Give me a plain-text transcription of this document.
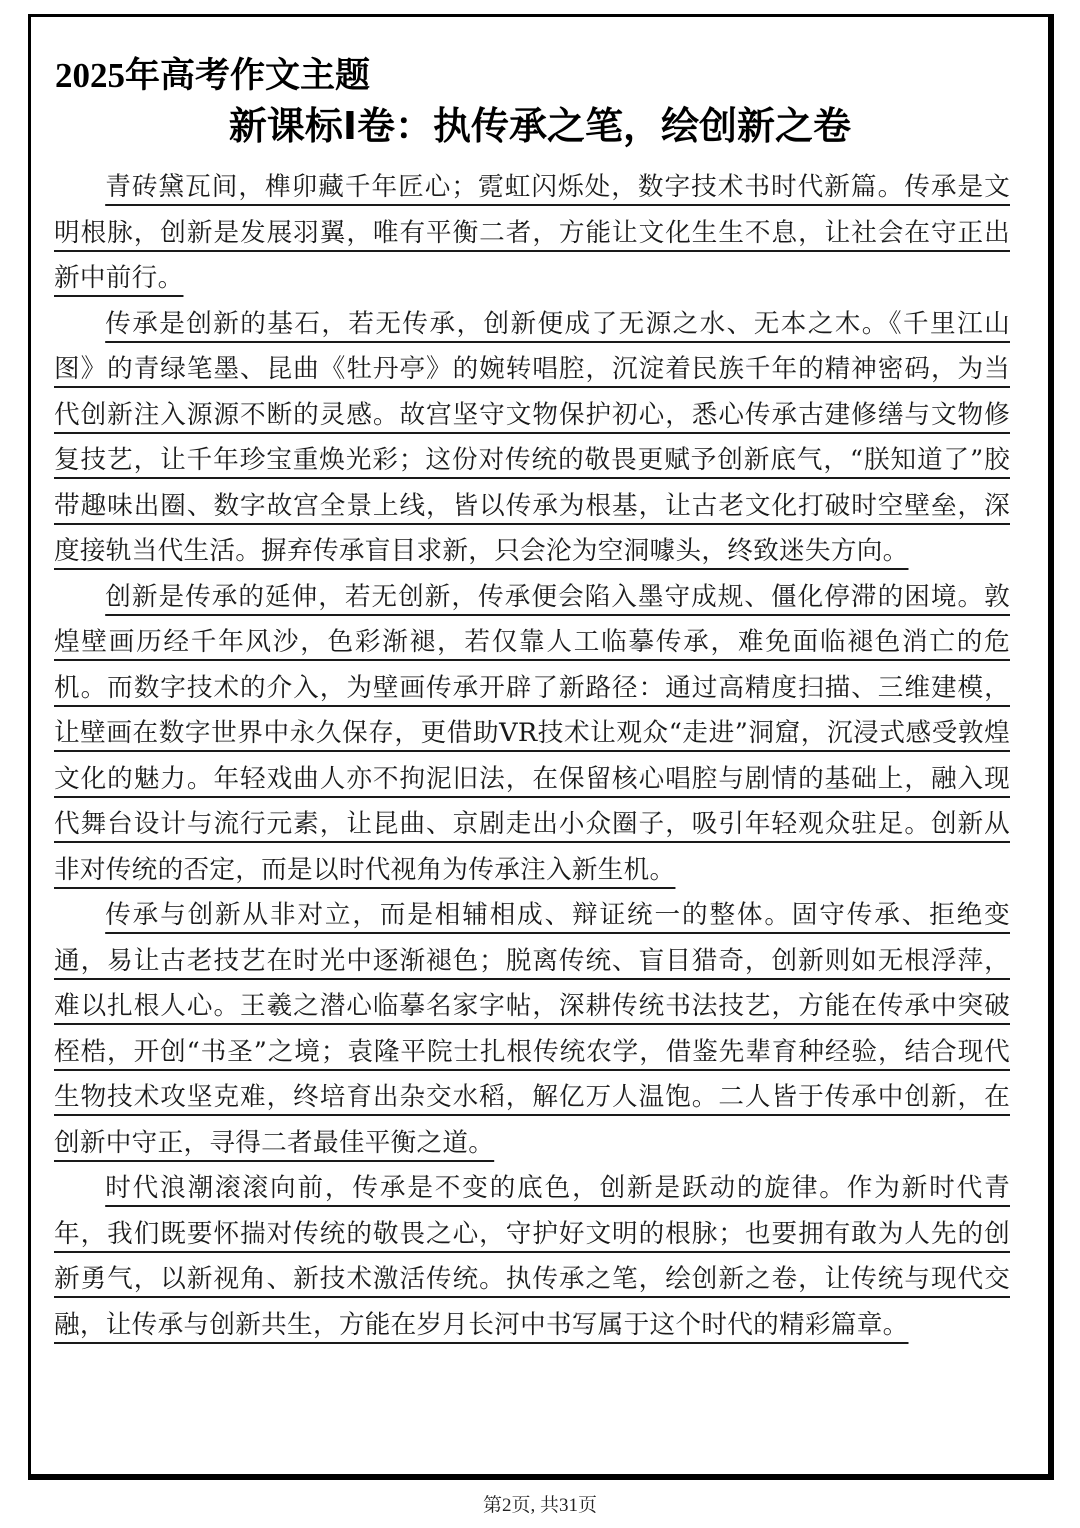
2025年高考作文主题
新课标I卷：执传承之笔，绘创新之卷

青砖黛瓦间，榫卯藏千年匠心；霓虹闪烁处，数字技术书时代新篇。传承是文明根脉，创新是发展羽翼，唯有平衡二者，方能让文化生生不息，让社会在守正出新中前行。

传承是创新的基石，若无传承，创新便成了无源之水、无本之木。《千里江山图》的青绿笔墨、昆曲《牡丹亭》的婉转唱腔，沉淀着民族千年的精神密码，为当代创新注入源源不断的灵感。故宫坚守文物保护初心，悉心传承古建修缮与文物修复技艺，让千年珍宝重焕光彩；这份对传统的敬畏更赋予创新底气，“朕知道了”胶带趣味出圈、数字故宫全景上线，皆以传承为根基，让古老文化打破时空壁垒，深度接轨当代生活。摒弃传承盲目求新，只会沦为空洞噱头，终致迷失方向。

创新是传承的延伸，若无创新，传承便会陷入墨守成规、僵化停滞的困境。敦煌壁画历经千年风沙，色彩渐褪，若仅靠人工临摹传承，难免面临褪色消亡的危机。而数字技术的介入，为壁画传承开辟了新路径：通过高精度扫描、三维建模，让壁画在数字世界中永久保存，更借助VR技术让观众“走进”洞窟，沉浸式感受敦煌文化的魅力。年轻戏曲人亦不拘泥旧法，在保留核心唱腔与剧情的基础上，融入现代舞台设计与流行元素，让昆曲、京剧走出小众圈子，吸引年轻观众驻足。创新从非对传统的否定，而是以时代视角为传承注入新生机。

传承与创新从非对立，而是相辅相成、辩证统一的整体。固守传承、拒绝变通，易让古老技艺在时光中逐渐褪色；脱离传统、盲目猎奇，创新则如无根浮萍，难以扎根人心。王羲之潜心临摹名家字帖，深耕传统书法技艺，方能在传承中突破桎梏，开创“书圣”之境；袁隆平院士扎根传统农学，借鉴先辈育种经验，结合现代生物技术攻坚克难，终培育出杂交水稻，解亿万人温饱。二人皆于传承中创新，在创新中守正，寻得二者最佳平衡之道。

时代浪潮滚滚向前，传承是不变的底色，创新是跃动的旋律。作为新时代青年，我们既要怀揣对传统的敬畏之心，守护好文明的根脉；也要拥有敢为人先的创新勇气，以新视角、新技术激活传统。执传承之笔，绘创新之卷，让传统与现代交融，让传承与创新共生，方能在岁月长河中书写属于这个时代的精彩篇章。

第2页, 共31页
